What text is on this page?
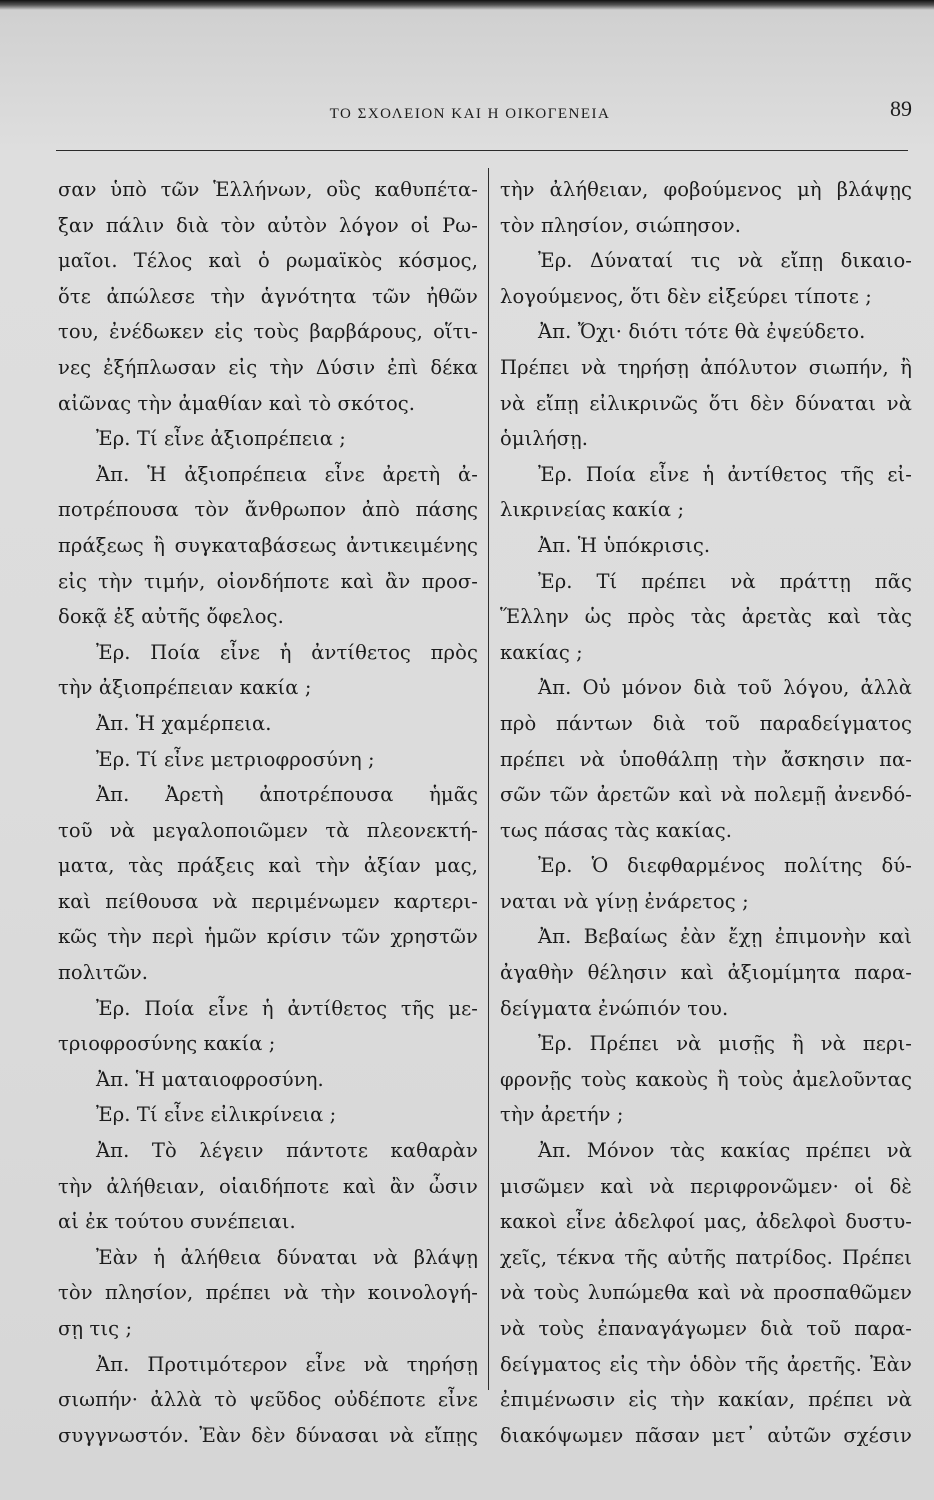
ΤΟ ΣΧΟΛΕΙΟΝ ΚΑΙ Η ΟΙΚΟΓΕΝΕΙΑ	89
σαν ὑπὸ τῶν Ἑλλήνων, οὓς καθυπέτα-
ξαν πάλιν διὰ τὸν αὐτὸν λόγον οἱ Ρω-
μαῖοι. Τέλος καὶ ὁ ρωμαϊκὸς κόσμος,
ὅτε ἀπώλεσε τὴν ἁγνότητα τῶν ἠθῶν
του, ἐνέδωκεν εἰς τοὺς βαρβάρους, οἵτι-
νες ἐξήπλωσαν εἰς τὴν Δύσιν ἐπὶ δέκα
αἰῶνας τὴν ἀμαθίαν καὶ τὸ σκότος.
Ἐρ. Τί εἶνε ἀξιοπρέπεια ;
Ἀπ. Ἡ ἀξιοπρέπεια εἶνε ἀρετὴ ἀ-
ποτρέπουσα τὸν ἄνθρωπον ἀπὸ πάσης
πράξεως ἢ συγκαταβάσεως ἀντικειμένης
εἰς τὴν τιμήν, οἱονδήποτε καὶ ἂν προσ-
δοκᾷ ἐξ αὐτῆς ὄφελος.
Ἐρ. Ποία εἶνε ἡ ἀντίθετος πρὸς
τὴν ἀξιοπρέπειαν κακία ;
Ἀπ. Ἡ χαμέρπεια.
Ἐρ. Τί εἶνε μετριοφροσύνη ;
Ἀπ. Ἀρετὴ ἀποτρέπουσα ἡμᾶς
τοῦ νὰ μεγαλοποιῶμεν τὰ πλεονεκτή-
ματα, τὰς πράξεις καὶ τὴν ἀξίαν μας,
καὶ πείθουσα νὰ περιμένωμεν καρτερι-
κῶς τὴν περὶ ἡμῶν κρίσιν τῶν χρηστῶν
πολιτῶν.
Ἐρ. Ποία εἶνε ἡ ἀντίθετος τῆς με-
τριοφροσύνης κακία ;
Ἀπ. Ἡ ματαιοφροσύνη.
Ἐρ. Τί εἶνε εἰλικρίνεια ;
Ἀπ. Τὸ λέγειν πάντοτε καθαρὰν
τὴν ἀλήθειαν, οἱαιδήποτε καὶ ἂν ὦσιν
αἱ ἐκ τούτου συνέπειαι.
Ἐὰν ἡ ἀλήθεια δύναται νὰ βλάψῃ
τὸν πλησίον, πρέπει νὰ τὴν κοινολογή-
σῃ τις ;
Ἀπ. Προτιμότερον εἶνε νὰ τηρήσῃ
σιωπήν· ἀλλὰ τὸ ψεῦδος οὐδέποτε εἶνε
συγγνωστόν. Ἐὰν δὲν δύνασαι νὰ εἴπῃς
τὴν ἀλήθειαν, φοβούμενος μὴ βλάψῃς
τὸν πλησίον, σιώπησον.
Ἐρ. Δύναταί τις νὰ εἴπῃ δικαιο-
λογούμενος, ὅτι δὲν εἰξεύρει τίποτε ;
Ἀπ. Ὄχι· διότι τότε θὰ ἐψεύδετο.
Πρέπει νὰ τηρήσῃ ἀπόλυτον σιωπήν, ἢ
νὰ εἴπῃ εἰλικρινῶς ὅτι δὲν δύναται νὰ
ὁμιλήσῃ.
Ἐρ. Ποία εἶνε ἡ ἀντίθετος τῆς εἰ-
λικρινείας κακία ;
Ἀπ. Ἡ ὑπόκρισις.
Ἐρ. Τί πρέπει νὰ πράττῃ πᾶς
Ἕλλην ὡς πρὸς τὰς ἀρετὰς καὶ τὰς
κακίας ;
Ἀπ. Οὐ μόνον διὰ τοῦ λόγου, ἀλλὰ
πρὸ πάντων διὰ τοῦ παραδείγματος
πρέπει νὰ ὑποθάλπῃ τὴν ἄσκησιν πα-
σῶν τῶν ἀρετῶν καὶ νὰ πολεμῇ ἀνενδό-
τως πάσας τὰς κακίας.
Ἐρ. Ὁ διεφθαρμένος πολίτης δύ-
ναται νὰ γίνῃ ἐνάρετος ;
Ἀπ. Βεβαίως ἐὰν ἔχῃ ἐπιμονὴν καὶ
ἀγαθὴν θέλησιν καὶ ἀξιομίμητα παρα-
δείγματα ἐνώπιόν του.
Ἐρ. Πρέπει νὰ μισῇς ἢ νὰ περι-
φρονῇς τοὺς κακοὺς ἢ τοὺς ἀμελοῦντας
τὴν ἀρετήν ;
Ἀπ. Μόνον τὰς κακίας πρέπει νὰ
μισῶμεν καὶ νὰ περιφρονῶμεν· οἱ δὲ
κακοὶ εἶνε ἀδελφοί μας, ἀδελφοὶ δυστυ-
χεῖς, τέκνα τῆς αὐτῆς πατρίδος. Πρέπει
νὰ τοὺς λυπώμεθα καὶ νὰ προσπαθῶμεν
νὰ τοὺς ἐπαναγάγωμεν διὰ τοῦ παρα-
δείγματος εἰς τὴν ὁδὸν τῆς ἀρετῆς. Ἐὰν
ἐπιμένωσιν εἰς τὴν κακίαν, πρέπει νὰ
διακόψωμεν πᾶσαν μετ᾽ αὐτῶν σχέσιν
